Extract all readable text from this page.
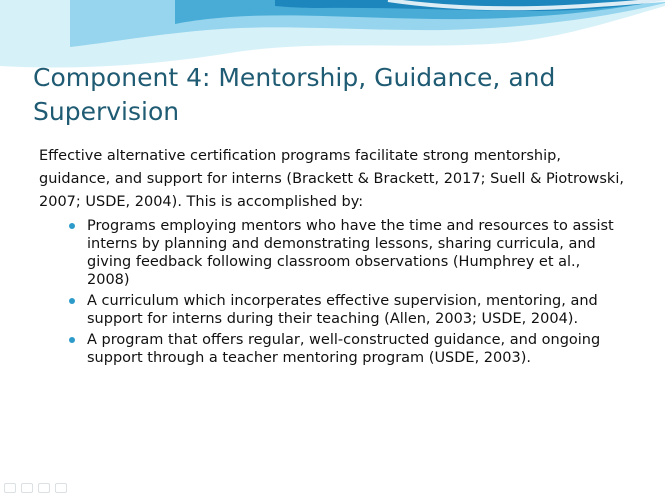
Component 4: Mentorship, Guidance, and Supervision

Effective alternative certification programs facilitate strong mentorship, guidance, and support for interns (Brackett & Brackett, 2017; Suell & Piotrowski, 2007; USDE, 2004). This is accomplished by:

Programs employing mentors who have the time and resources to assist interns by planning and demonstrating lessons, sharing curricula, and giving feedback following classroom observations (Humphrey et al., 2008)
A curriculum which incorperates effective supervision, mentoring, and support for interns during their teaching (Allen, 2003; USDE, 2004).
A program that offers regular, well-constructed guidance, and ongoing support through a teacher mentoring program (USDE, 2003).
